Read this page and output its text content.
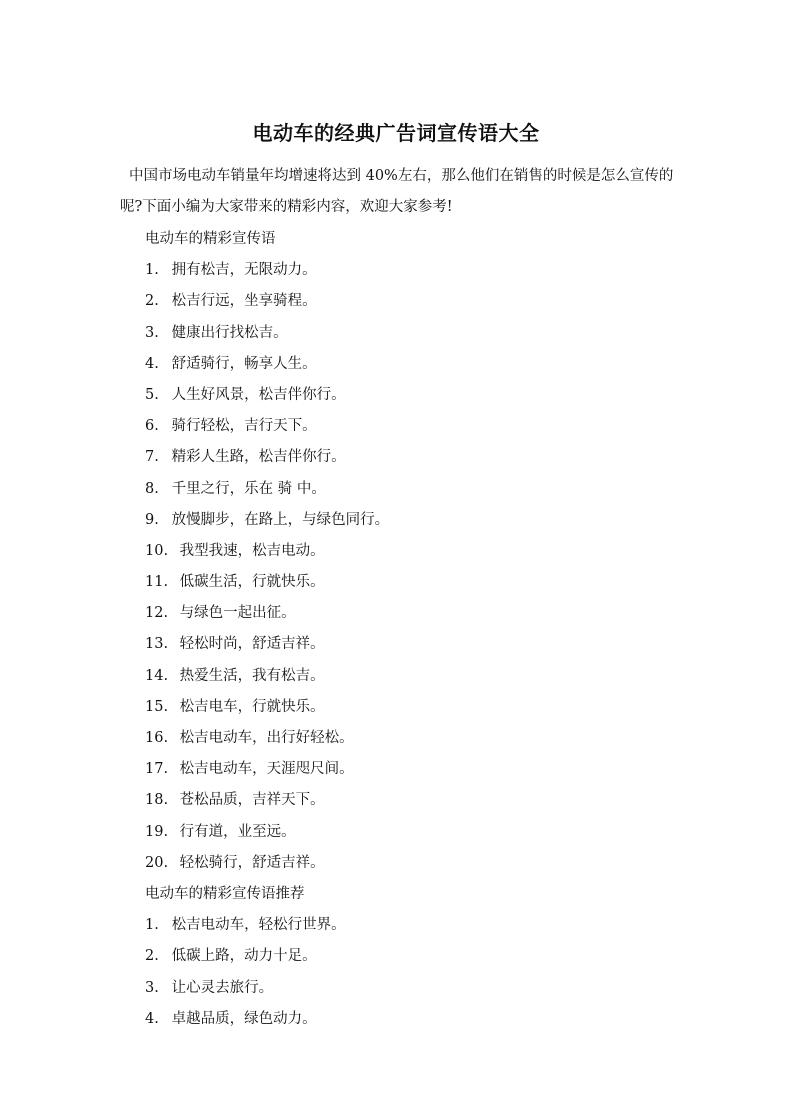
电动车的经典广告词宣传语大全

中国市场电动车销量年均增速将达到 40%左右，那么他们在销售的时候是怎么宣传的呢?下面小编为大家带来的精彩内容，欢迎大家参考!

电动车的精彩宣传语
1. 拥有松吉，无限动力。
2. 松吉行远，坐享骑程。
3. 健康出行找松吉。
4. 舒适骑行，畅享人生。
5. 人生好风景，松吉伴你行。
6. 骑行轻松，吉行天下。
7. 精彩人生路，松吉伴你行。
8. 千里之行，乐在 骑 中。
9. 放慢脚步，在路上，与绿色同行。
10. 我型我速，松吉电动。
11. 低碳生活，行就快乐。
12. 与绿色一起出征。
13. 轻松时尚，舒适吉祥。
14. 热爱生活，我有松吉。
15. 松吉电车，行就快乐。
16. 松吉电动车，出行好轻松。
17. 松吉电动车，天涯咫尺间。
18. 苍松品质，吉祥天下。
19. 行有道，业至远。
20. 轻松骑行，舒适吉祥。
电动车的精彩宣传语推荐
1. 松吉电动车，轻松行世界。
2. 低碳上路，动力十足。
3. 让心灵去旅行。
4. 卓越品质，绿色动力。
